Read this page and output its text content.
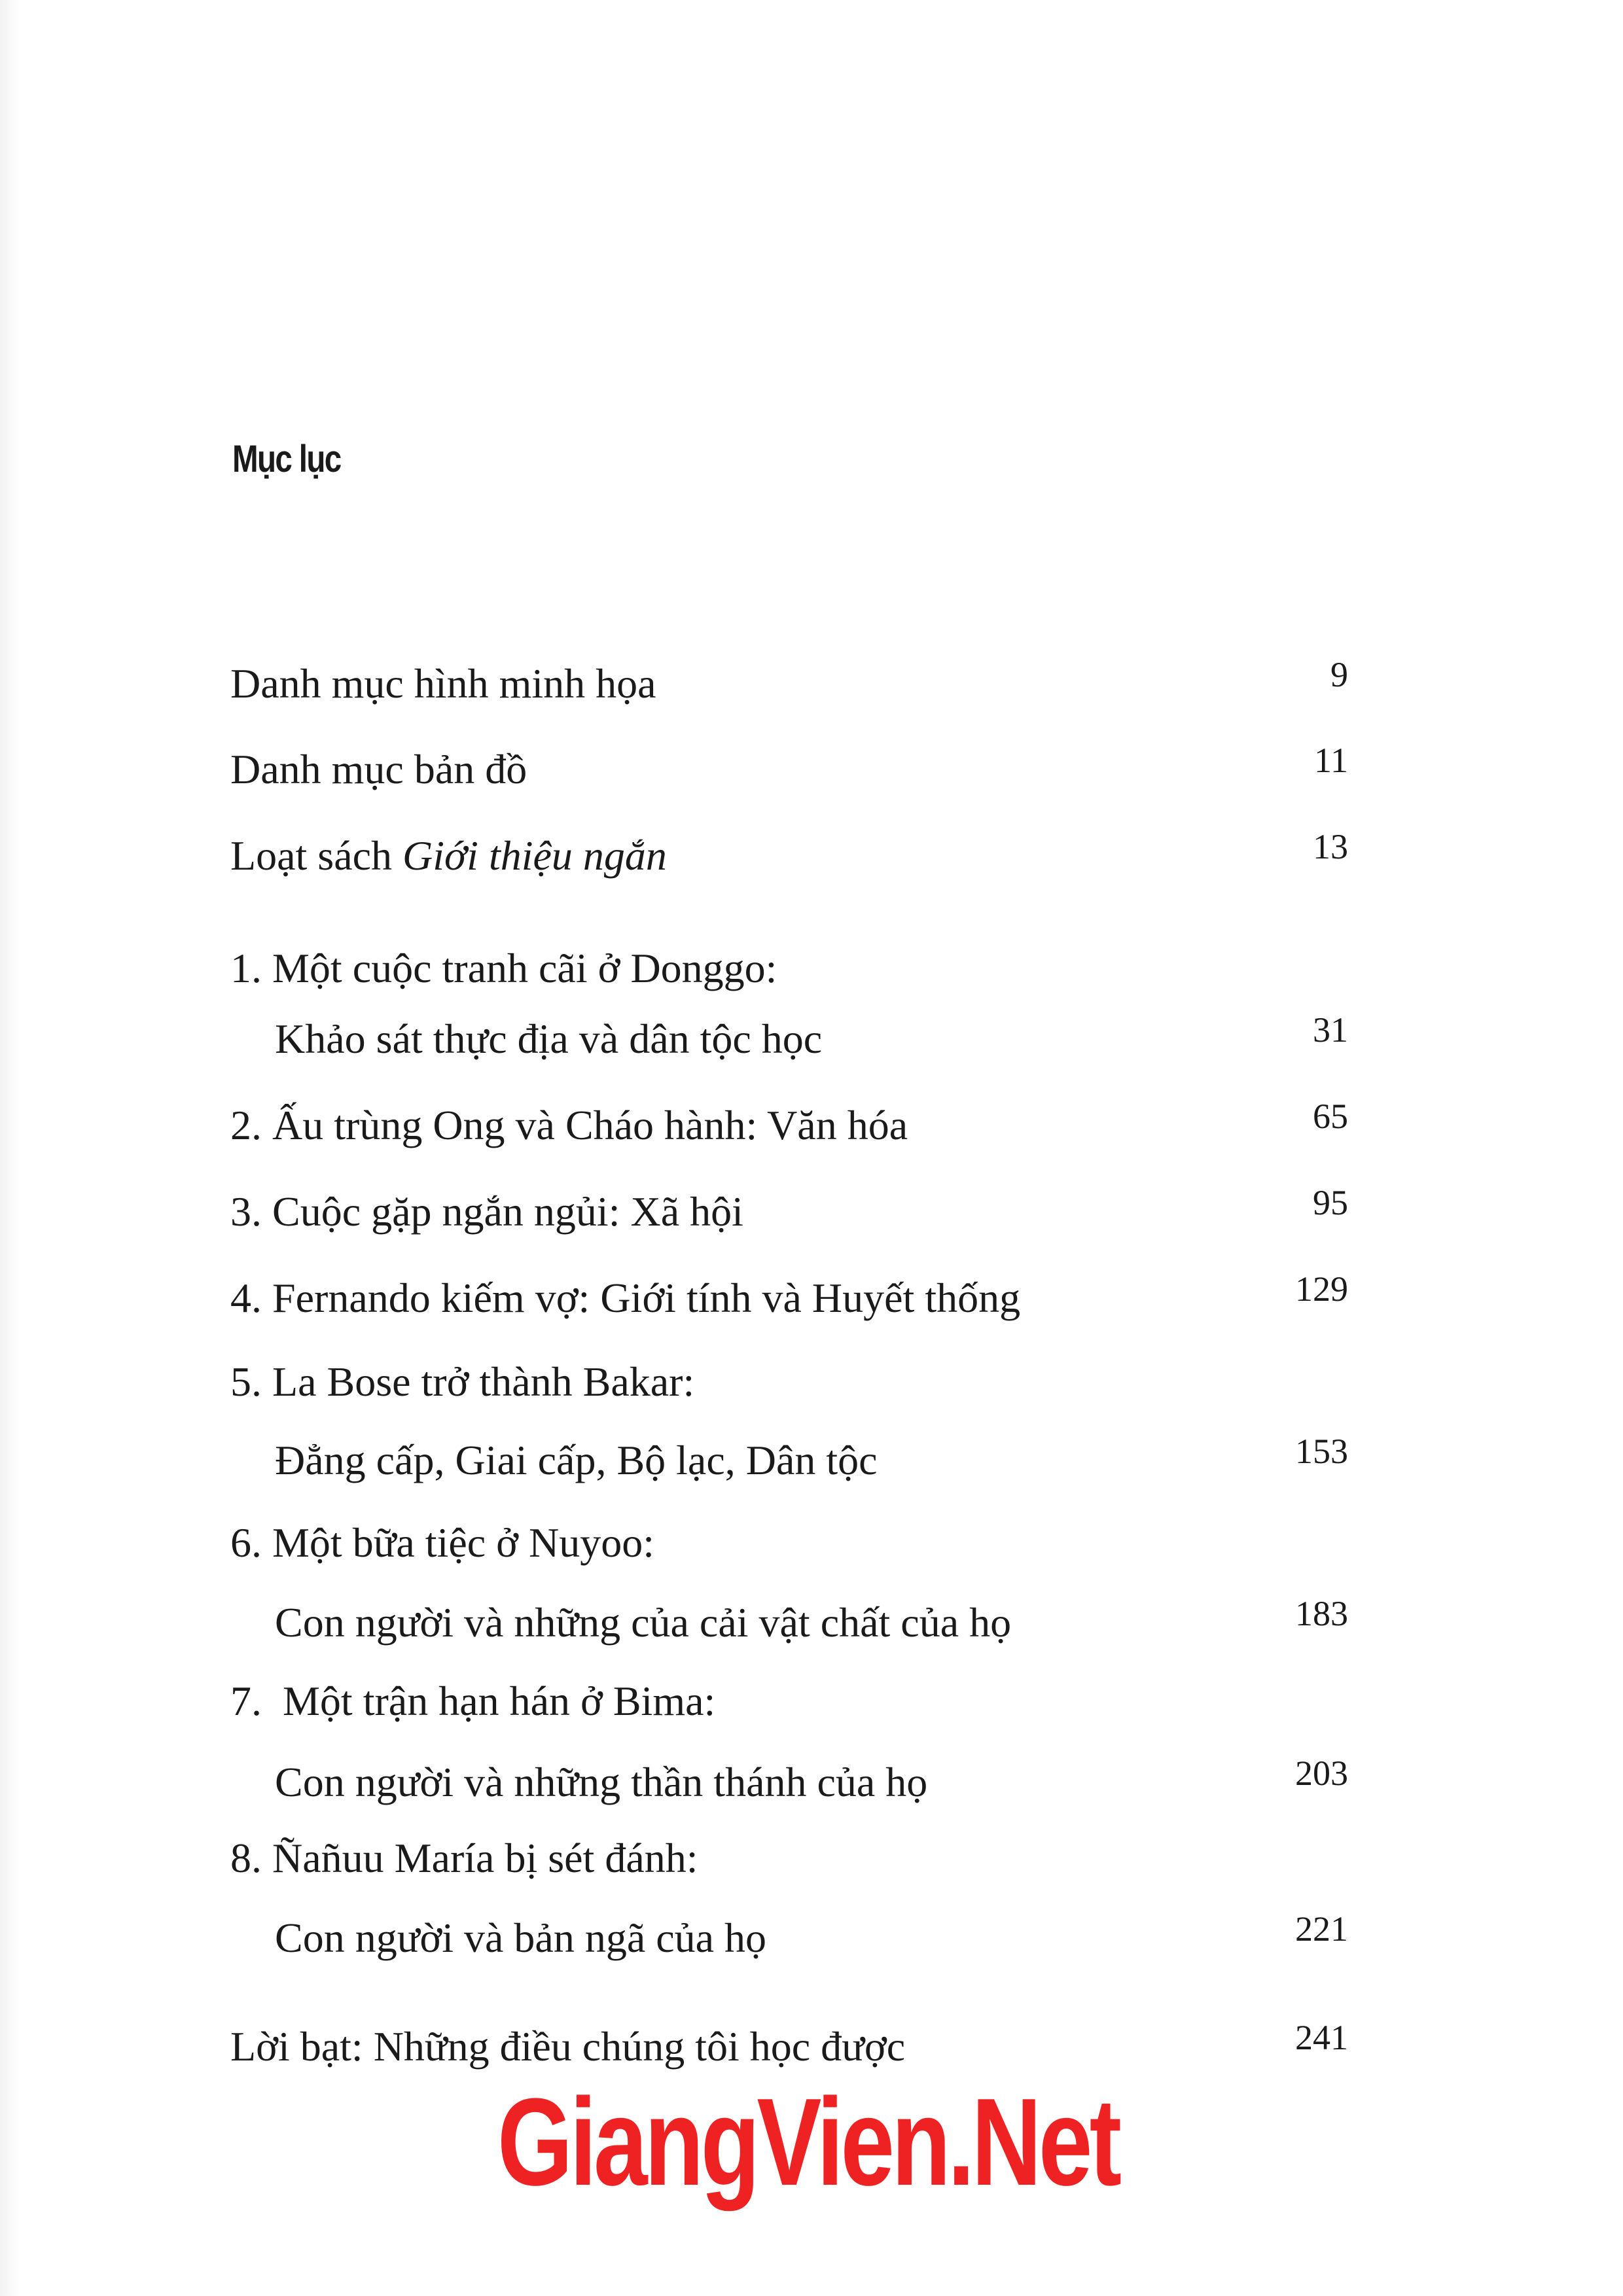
Mục lục
Danh mục hình minh họa	9
Danh mục bản đồ	11
Loạt sách Giới thiệu ngắn	13
1. Một cuộc tranh cãi ở Donggo:
Khảo sát thực địa và dân tộc học	31
2. Ấu trùng Ong và Cháo hành: Văn hóa	65
3. Cuộc gặp ngắn ngủi: Xã hội	95
4. Fernando kiếm vợ: Giới tính và Huyết thống	129
5. La Bose trở thành Bakar:
Đẳng cấp, Giai cấp, Bộ lạc, Dân tộc	153
6. Một bữa tiệc ở Nuyoo:
Con người và những của cải vật chất của họ	183
7.  Một trận hạn hán ở Bima:
Con người và những thần thánh của họ	203
8. Ñañuu María bị sét đánh:
Con người và bản ngã của họ	221
Lời bạt: Những điều chúng tôi học được	241
GiangVien.Net
